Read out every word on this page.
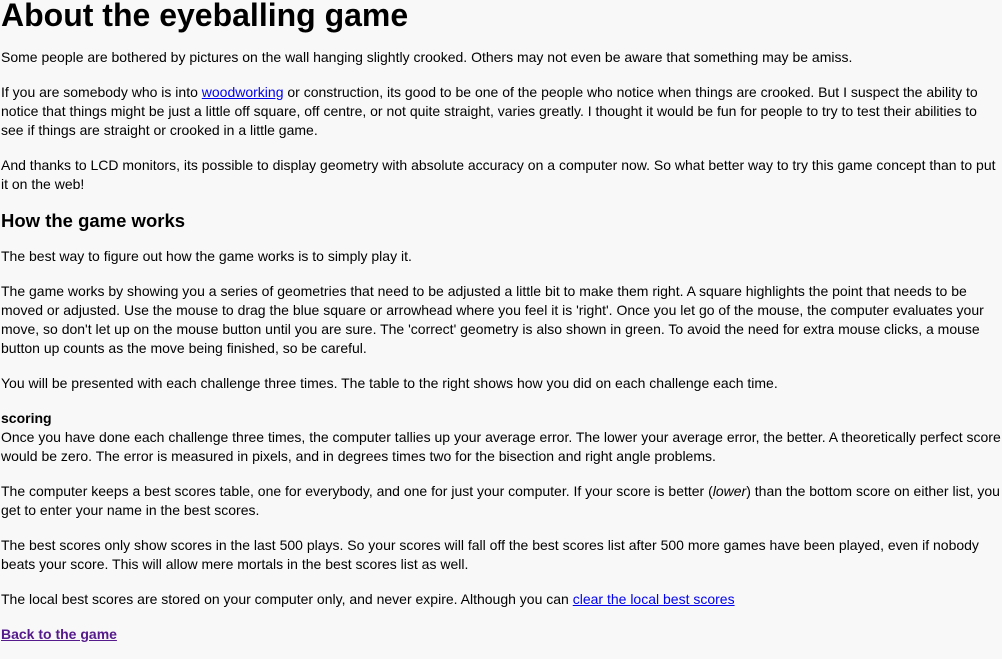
About the eyeballing game

Some people are bothered by pictures on the wall hanging slightly crooked. Others may not even be aware that something may be amiss.

If you are somebody who is into woodworking or construction, its good to be one of the people who notice when things are crooked. But I suspect the ability to notice that things might be just a little off square, off centre, or not quite straight, varies greatly. I thought it would be fun for people to try to test their abilities to see if things are straight or crooked in a little game.

And thanks to LCD monitors, its possible to display geometry with absolute accuracy on a computer now. So what better way to try this game concept than to put it on the web!

How the game works

The best way to figure out how the game works is to simply play it.

The game works by showing you a series of geometries that need to be adjusted a little bit to make them right. A square highlights the point that needs to be moved or adjusted. Use the mouse to drag the blue square or arrowhead where you feel it is 'right'. Once you let go of the mouse, the computer evaluates your move, so don't let up on the mouse button until you are sure. The 'correct' geometry is also shown in green. To avoid the need for extra mouse clicks, a mouse button up counts as the move being finished, so be careful.

You will be presented with each challenge three times. The table to the right shows how you did on each challenge each time.

scoring
Once you have done each challenge three times, the computer tallies up your average error. The lower your average error, the better. A theoretically perfect score would be zero. The error is measured in pixels, and in degrees times two for the bisection and right angle problems.

The computer keeps a best scores table, one for everybody, and one for just your computer. If your score is better (lower) than the bottom score on either list, you get to enter your name in the best scores.

The best scores only show scores in the last 500 plays. So your scores will fall off the best scores list after 500 more games have been played, even if nobody beats your score. This will allow mere mortals in the best scores list as well.

The local best scores are stored on your computer only, and never expire. Although you can clear the local best scores

Back to the game
